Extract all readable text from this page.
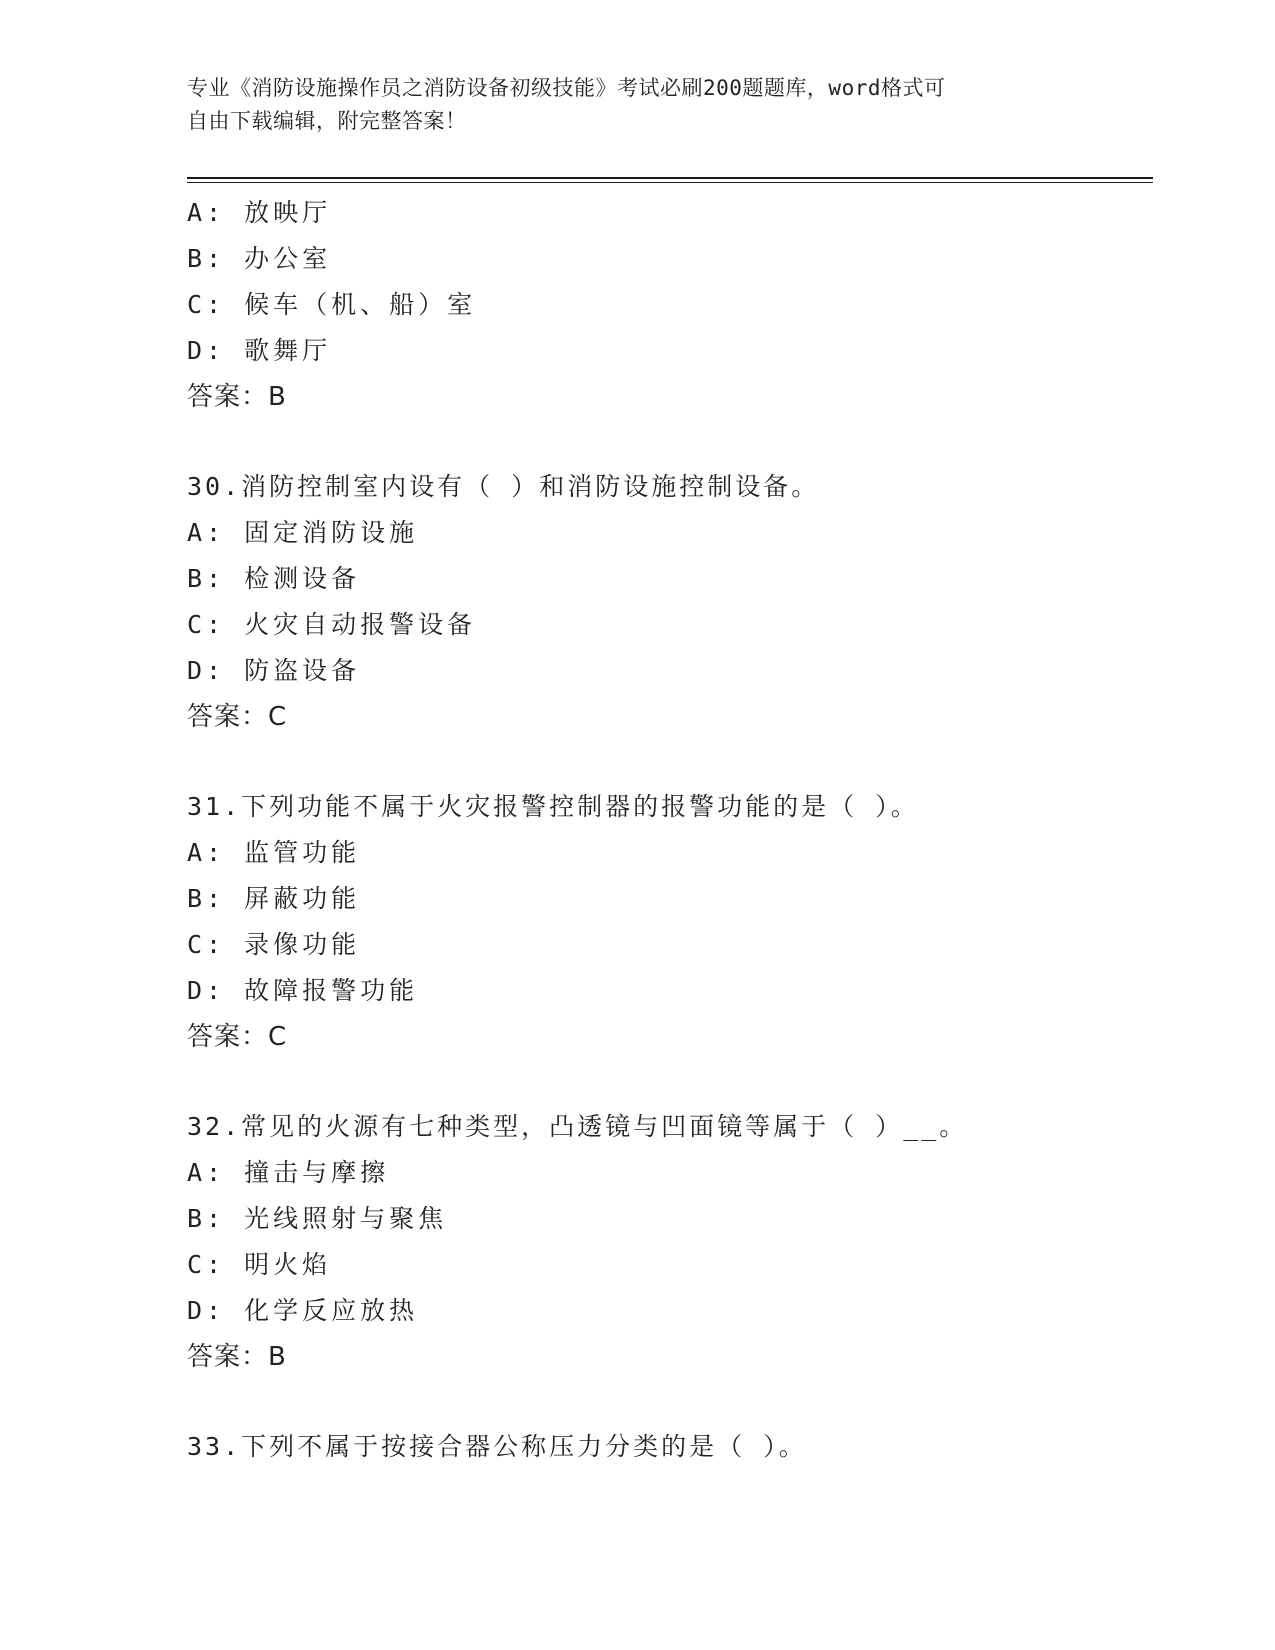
专业《消防设施操作员之消防设备初级技能》考试必刷200题题库，word格式可
自由下载编辑，附完整答案！
A: 放映厅
B: 办公室
C: 候车（机、船）室
D: 歌舞厅
答案：B
30.消防控制室内设有（ ）和消防设施控制设备。
A: 固定消防设施
B: 检测设备
C: 火灾自动报警设备
D: 防盗设备
答案：C
31.下列功能不属于火灾报警控制器的报警功能的是（ ）。
A: 监管功能
B: 屏蔽功能
C: 录像功能
D: 故障报警功能
答案：C
32.常见的火源有七种类型，凸透镜与凹面镜等属于（ ）__。
A: 撞击与摩擦
B: 光线照射与聚焦
C: 明火焰
D: 化学反应放热
答案：B
33.下列不属于按接合器公称压力分类的是（ ）。
